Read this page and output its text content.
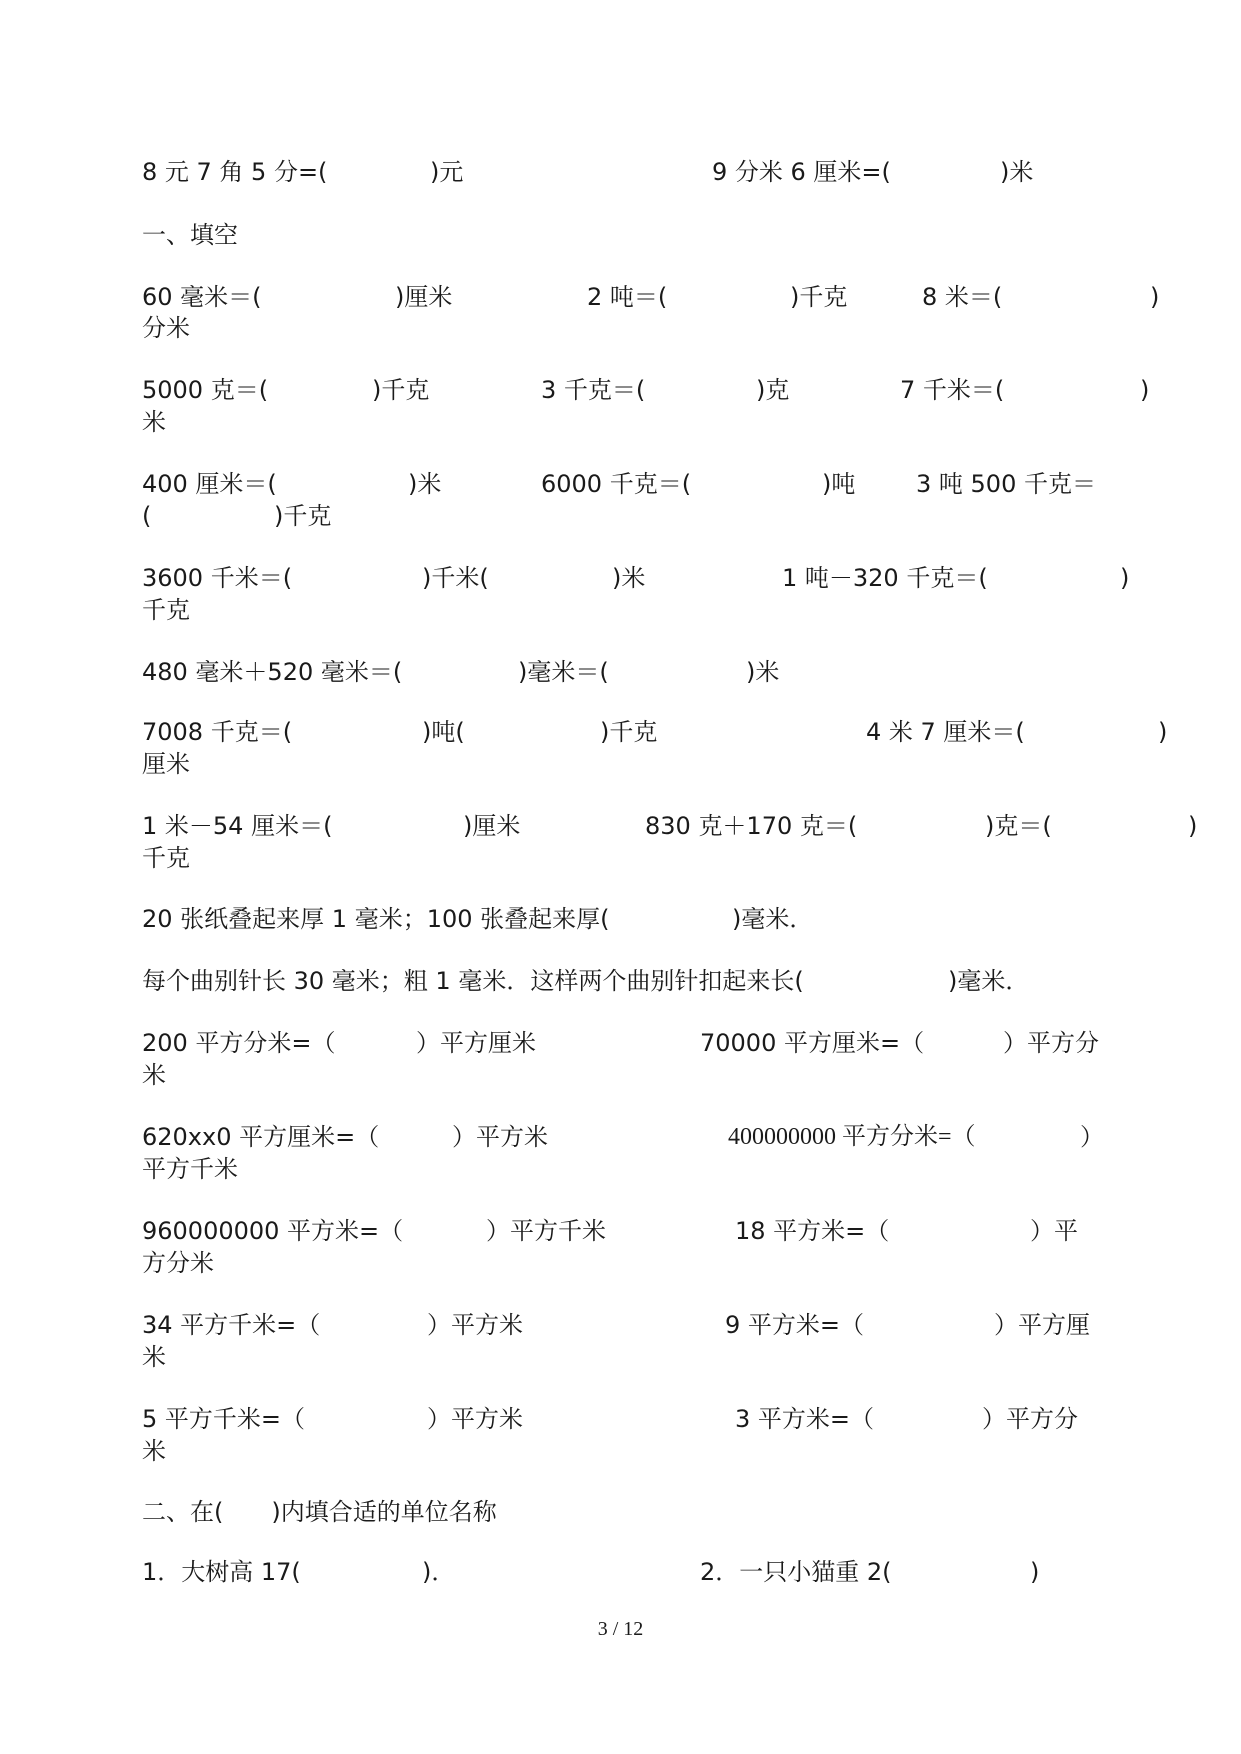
8 元 7 角 5 分=(	)元	9 分米 6 厘米=(	)米
一、填空
60 毫米＝(	)厘米	2 吨＝(	)千克	8 米＝(	)
分米
5000 克＝(	)千克	3 千克＝(	)克	7 千米＝(	)
米
400 厘米＝(	)米	6000 千克＝(	)吨	3 吨 500 千克＝
(	)千克
3600 千米＝(	)千米(	)米	1 吨－320 千克＝(	)
千克
480 毫米＋520 毫米＝(	)毫米＝(	)米
7008 千克＝(	)吨(	)千克	4 米 7 厘米＝(	)
厘米
1 米－54 厘米＝(	)厘米	830 克＋170 克＝(	)克＝(	)
千克
20 张纸叠起来厚 1 毫米；100 张叠起来厚(	)毫米．
每个曲别针长 30 毫米；粗 1 毫米．这样两个曲别针扣起来长(	)毫米．
200 平方分米=（	）平方厘米	70000 平方厘米=（	）平方分
米
620xx0 平方厘米=（	）平方米	400000000 平方分米=（	）
平方千米
960000000 平方米=（	）平方千米	18 平方米=（	）平
方分米
34 平方千米=（	）平方米	9 平方米=（	）平方厘
米
5 平方千米=（	）平方米	3 平方米=（	）平方分
米
二、在(　　)内填合适的单位名称
1．大树高 17(	)．	2．一只小猫重 2(	)
3 / 12
